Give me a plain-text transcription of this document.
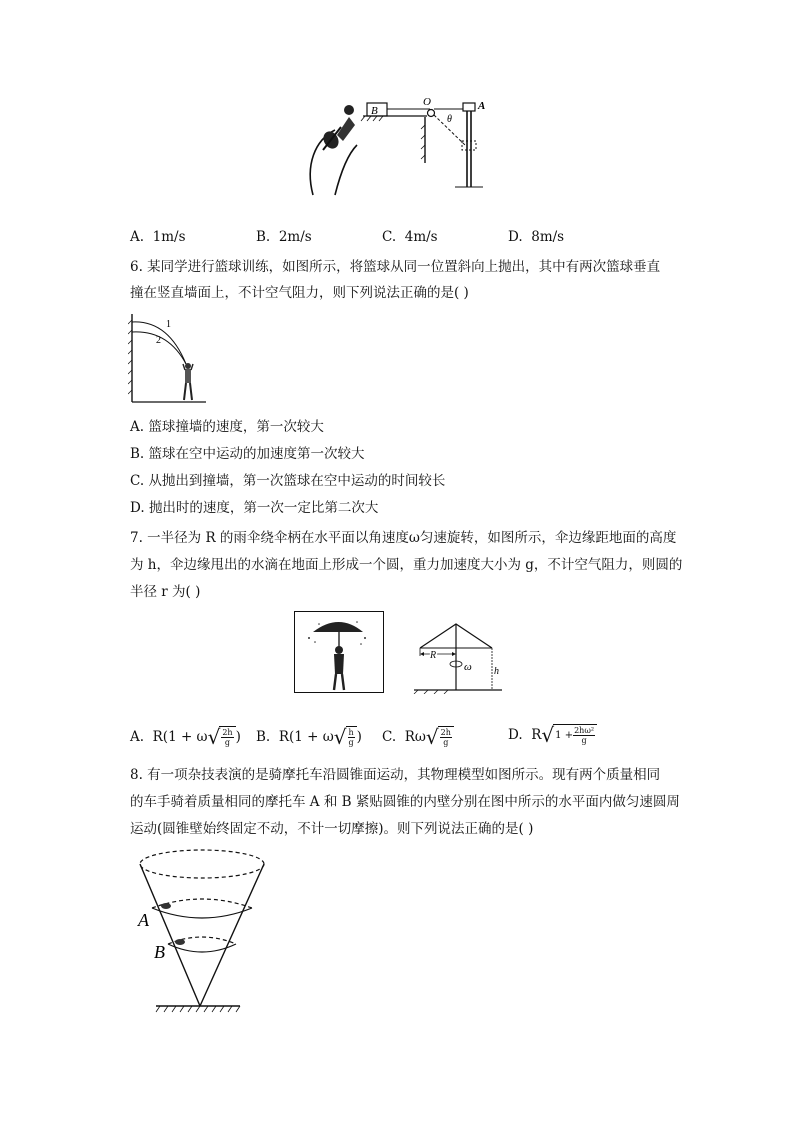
B
O
θ
A
A. 1m/s	B. 2m/s	C. 4m/s	D. 8m/s
6. 某同学进行篮球训练，如图所示，将篮球从同一位置斜向上抛出，其中有两次篮球垂直
撞在竖直墙面上，不计空气阻力，则下列说法正确的是( )
1
2
A. 篮球撞墙的速度，第一次较大
B. 篮球在空中运动的加速度第一次较大
C. 从抛出到撞墙，第一次篮球在空中运动的时间较长
D. 抛出时的速度，第一次一定比第二次大
7. 一半径为 R 的雨伞绕伞柄在水平面以角速度ω匀速旋转，如图所示，伞边缘距地面的高度
为 h，伞边缘甩出的水滴在地面上形成一个圆，重力加速度大小为 g，不计空气阻力，则圆的
半径 r 为( )
R
ω h
A.
R(1 + ω √ $\frac{2h}{g}$ ) B.
R(1 + ω √ $\frac{h}{g}$ ) C.
Rω √ $\frac{2h}{g}$	D.
R √ $1 + \frac{\text{2hω²}}{g}$
8. 有一项杂技表演的是骑摩托车沿圆锥面运动，其物理模型如图所示。现有两个质量相同
的车手骑着质量相同的摩托车 A 和 B 紧贴圆锥的内壁分别在图中所示的水平面内做匀速圆周
运动(圆锥壁始终固定不动，不计一切摩擦)。则下列说法正确的是( )
A
B
